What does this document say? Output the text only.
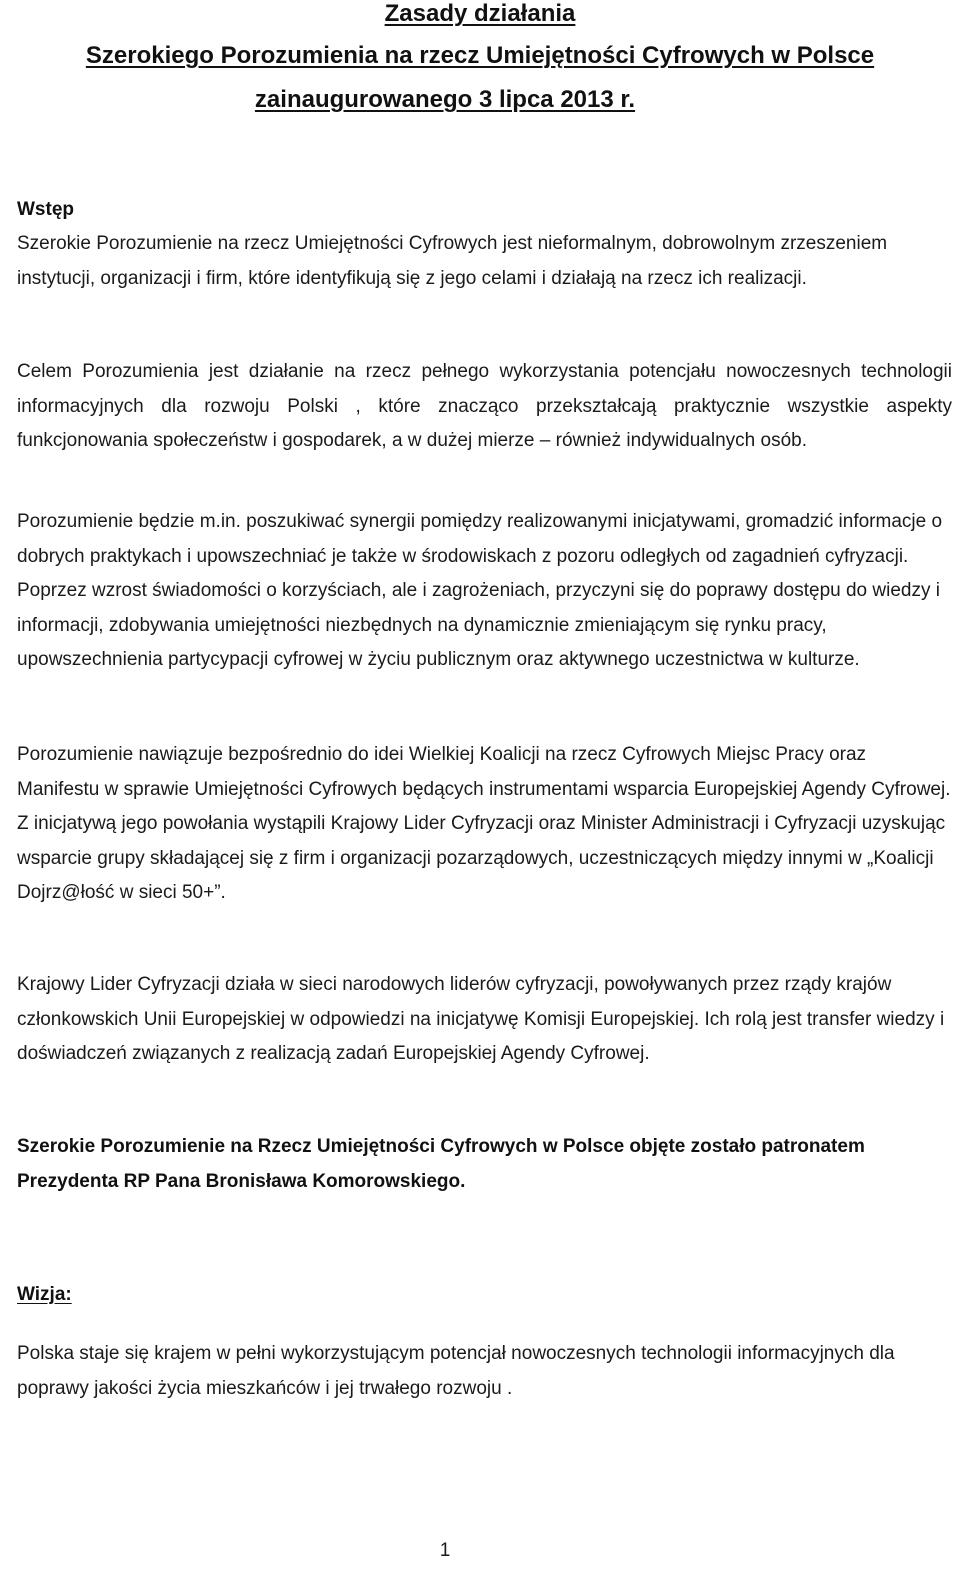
Zasady działania
Szerokiego Porozumienia na rzecz Umiejętności Cyfrowych w Polsce
zainaugurowanego 3 lipca 2013 r.
Wstęp
Szerokie Porozumienie na rzecz Umiejętności Cyfrowych jest nieformalnym, dobrowolnym zrzeszeniem instytucji, organizacji i firm, które identyfikują się z jego celami i działają na rzecz ich realizacji.
Celem Porozumienia jest działanie na rzecz pełnego wykorzystania potencjału nowoczesnych technologii informacyjnych dla rozwoju Polski , które znacząco przekształcają praktycznie wszystkie aspekty funkcjonowania społeczeństw i gospodarek, a w dużej mierze – również indywidualnych osób.
Porozumienie będzie m.in. poszukiwać synergii pomiędzy realizowanymi inicjatywami, gromadzić informacje o dobrych praktykach i upowszechniać je także w środowiskach z pozoru odległych od zagadnień cyfryzacji. Poprzez wzrost świadomości o korzyściach, ale i zagrożeniach, przyczyni się do poprawy dostępu do wiedzy i informacji, zdobywania umiejętności niezbędnych na dynamicznie zmieniającym się rynku pracy, upowszechnienia partycypacji cyfrowej w życiu publicznym oraz aktywnego uczestnictwa w kulturze.
Porozumienie nawiązuje bezpośrednio do idei Wielkiej Koalicji na rzecz Cyfrowych Miejsc Pracy oraz Manifestu w sprawie Umiejętności Cyfrowych będących instrumentami wsparcia Europejskiej Agendy Cyfrowej. Z inicjatywą jego powołania wystąpili Krajowy Lider Cyfryzacji oraz Minister Administracji i Cyfryzacji uzyskując wsparcie grupy składającej się z firm i organizacji pozarządowych, uczestniczących między innymi w „Koalicji Dojrz@łość w sieci 50+”.
Krajowy Lider Cyfryzacji działa w sieci narodowych liderów cyfryzacji, powoływanych przez rządy krajów członkowskich Unii Europejskiej w odpowiedzi na inicjatywę Komisji Europejskiej. Ich rolą jest transfer wiedzy i doświadczeń związanych z realizacją zadań Europejskiej Agendy Cyfrowej.
Szerokie Porozumienie na Rzecz Umiejętności Cyfrowych w Polsce objęte zostało patronatem Prezydenta RP Pana Bronisława Komorowskiego.
Wizja:
Polska staje się krajem w pełni wykorzystującym potencjał nowoczesnych technologii informacyjnych dla poprawy jakości życia mieszkańców i jej trwałego rozwoju .
1
